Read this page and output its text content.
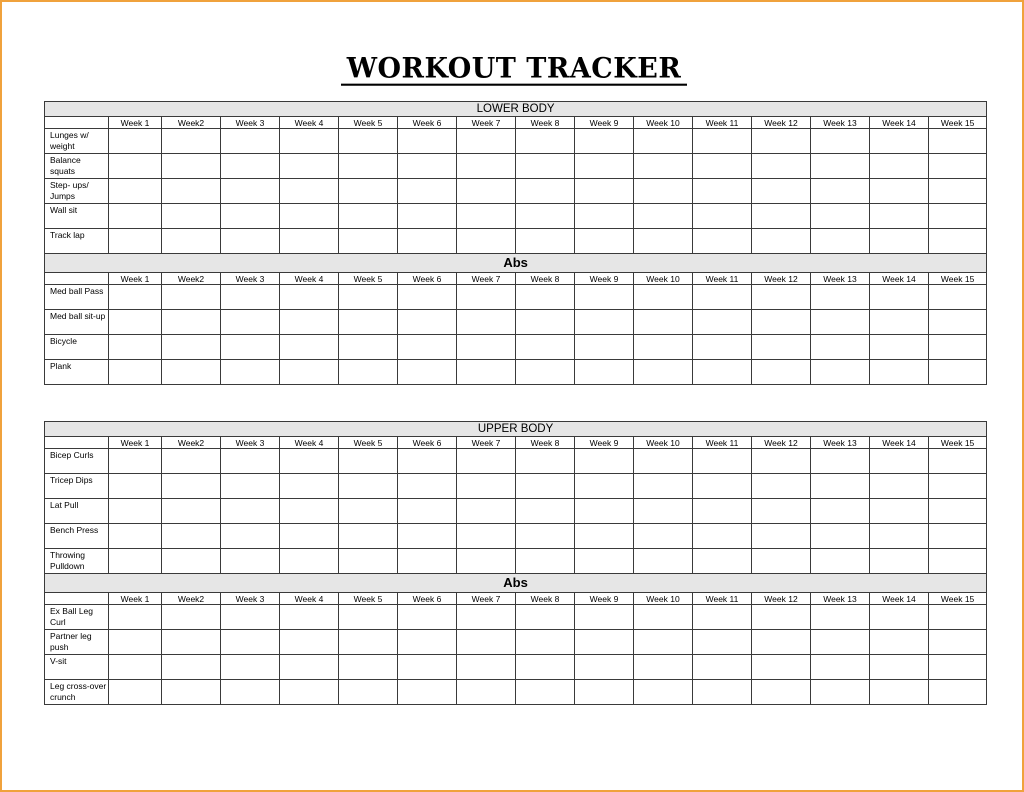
WORKOUT TRACKER
LOWER BODY															
	Week 1	Week2	Week 3	Week 4	Week 5	Week 6	Week 7	Week 8	Week 9	Week 10	Week 11	Week 12	Week 13	Week 14	Week 15
Lunges w/ weight															
Balance squats															
Step- ups/ Jumps															
Wall sit															
Track lap															
Abs															
	Week 1	Week2	Week 3	Week 4	Week 5	Week 6	Week 7	Week 8	Week 9	Week 10	Week 11	Week 12	Week 13	Week 14	Week 15
Med ball Pass															
Med ball sit-up															
Bicycle															
Plank															
UPPER BODY															
	Week 1	Week2	Week 3	Week 4	Week 5	Week 6	Week 7	Week 8	Week 9	Week 10	Week 11	Week 12	Week 13	Week 14	Week 15
Bicep Curls															
Tricep Dips															
Lat Pull															
Bench Press															
Throwing Pulldown															
Abs															
	Week 1	Week2	Week 3	Week 4	Week 5	Week 6	Week 7	Week 8	Week 9	Week 10	Week 11	Week 12	Week 13	Week 14	Week 15
Ex Ball Leg Curl															
Partner leg push															
V-sit															
Leg cross-over crunch															
